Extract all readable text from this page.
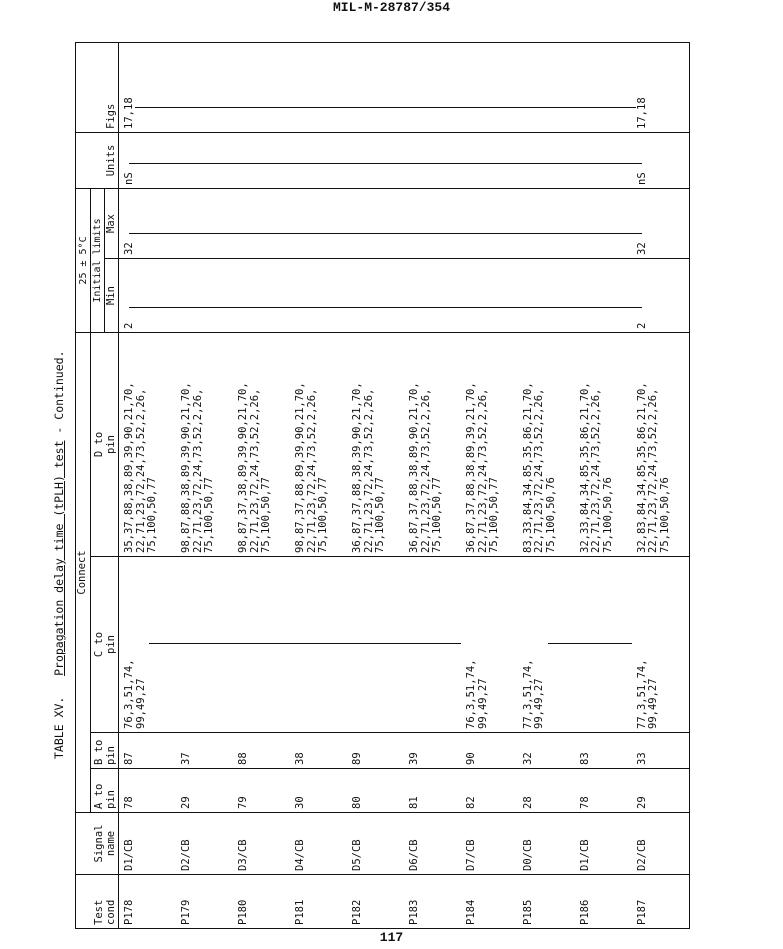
MIL-M-28787/354
117
TABLE XV.   Propagation delay time (tPLH) test - Continued.
Test cond	Signal name	Connect				25 ± 5°C		Units	Figs

		A to pin	B to pin	C to pin	D to pin	Initial limits			
						Min	Max		
P178	D1/CB	78	87	76,3,51,74, 99,49,27	35,37,88,38,89,39,90,21,70, 22,71,23,72,24,73,52,2,26, 75,100,50,77	2	32	nS	17,18
P179	D2/CB	29	37		98,87,88,38,89,39,90,21,70, 22,71,23,72,24,73,52,2,26, 75,100,50,77				

P180	D3/CB	79	88		98,87,37,38,89,39,90,21,70, 22,71,23,72,24,73,52,2,26, 75,100,50,77				

P181	D4/CB	30	38		98,87,37,88,89,39,90,21,70, 22,71,23,72,24,73,52,2,26, 75,100,50,77				

P182	D5/CB	80	89		36,87,37,88,38,39,90,21,70, 22,71,23,72,24,73,52,2,26, 75,100,50,77				

P183	D6/CB	81	39		36,87,37,88,38,89,90,21,70, 22,71,23,72,24,73,52,2,26, 75,100,50,77				

P184	D7/CB	82	90	76,3,51,74, 99,49,27	36,87,37,88,38,89,39,21,70, 22,71,23,72,24,73,52,2,26, 75,100,50,77				

P185	D0/CB	28	32	77,3,51,74, 99,49,27	83,33,84,34,85,35,86,21,70, 22,71,23,72,24,73,52,2,26, 75,100,50,76				

P186	D1/CB	78	83		32,33,84,34,85,35,86,21,70, 22,71,23,72,24,73,52,2,26, 75,100,50,76				

P187	D2/CB	29	33	77,3,51,74, 99,49,27	32,83,84,34,85,35,86,21,70, 22,71,23,72,24,73,52,2,26, 75,100,50,76	2	32	nS	17,18
